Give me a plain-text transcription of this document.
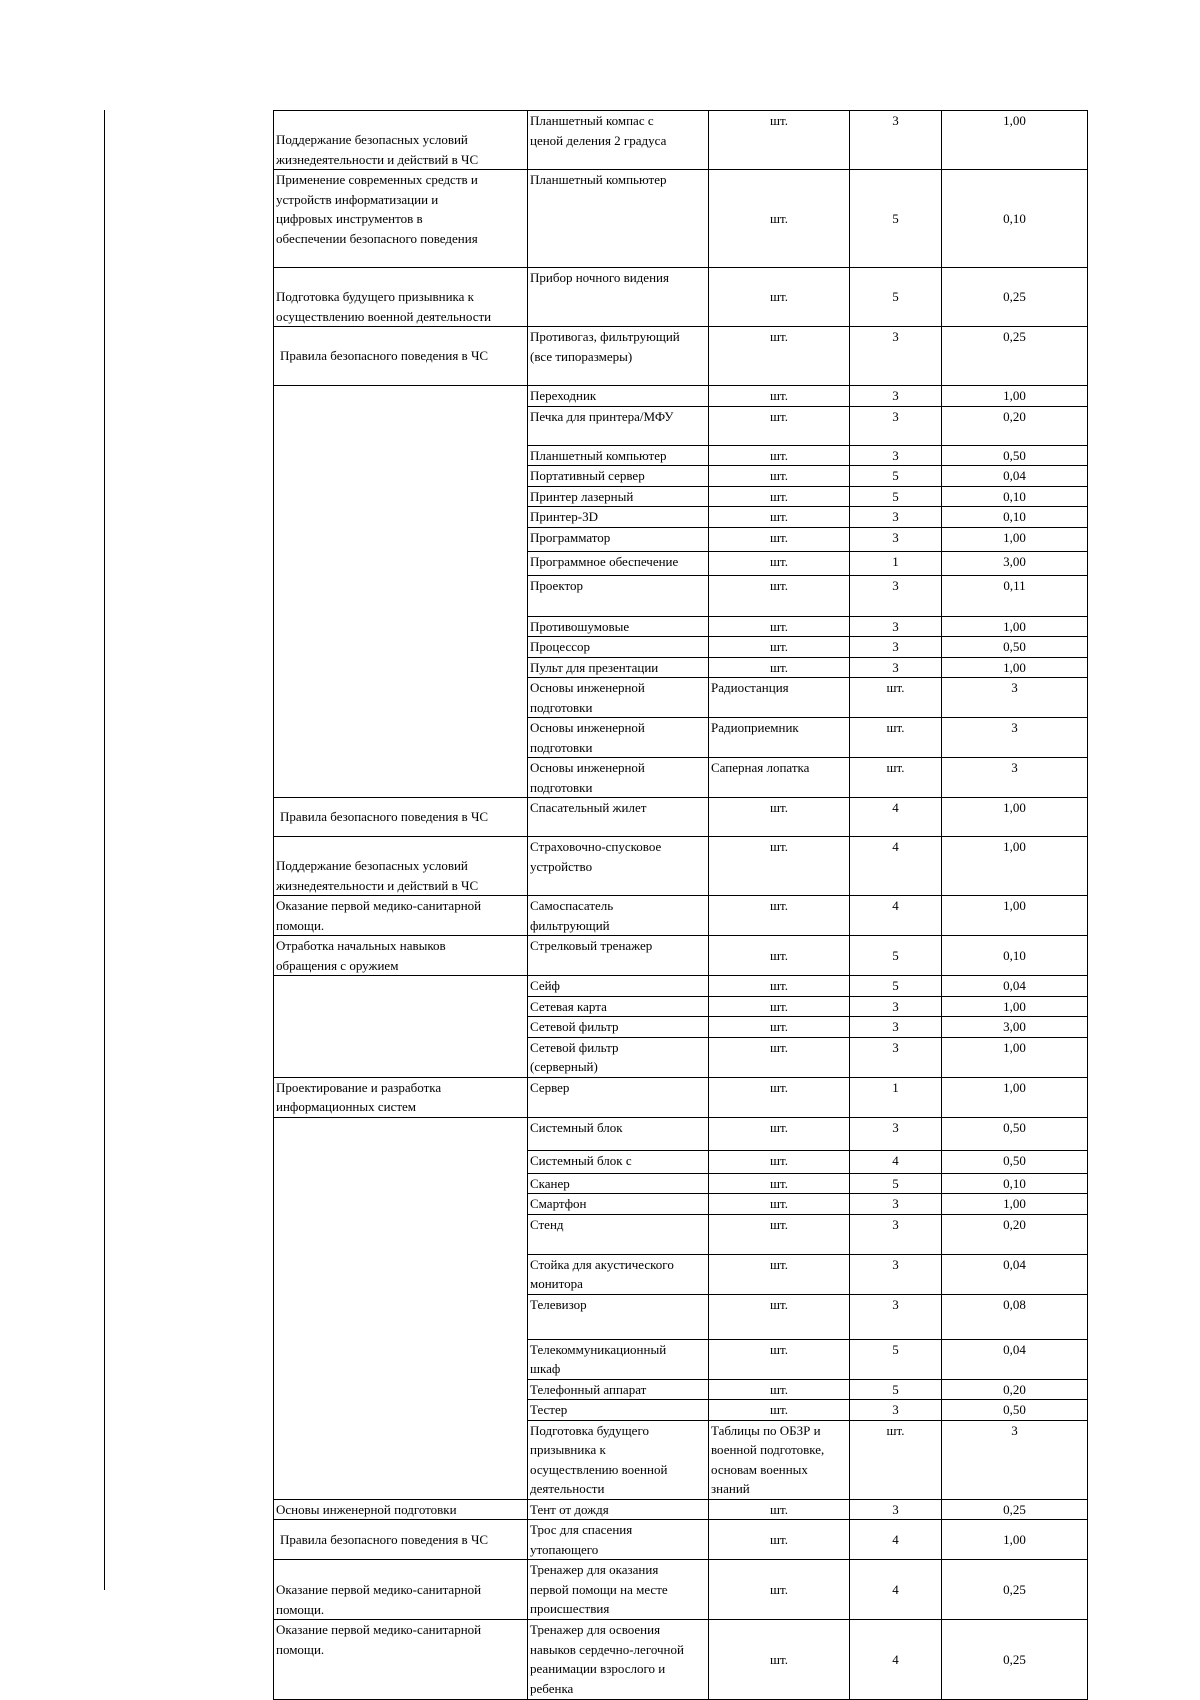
Поддержание безопасных условий
жизнедеятельности и действий в ЧС	Планшетный компас с
ценой деления 2 градуса	шт.	3	1,00	

Применение современных средств и
устройств информатизации и
цифровых инструментов в
обеспечении безопасного поведения	Планшетный компьютер	шт.	5	0,10	

Подготовка будущего призывника к
осуществлению военной деятельности	Прибор ночного видения	шт.	5	0,25	

Правила безопасного поведения в ЧС	Противогаз, фильтрующий
(все типоразмеры)	шт.	3	0,25	

	Переходник	шт.	3	1,00	

	Печка для принтера/МФУ	шт.	3	0,20	

	Планшетный компьютер	шт.	3	0,50	

	Портативный сервер	шт.	5	0,04	

	Принтер лазерный	шт.	5	0,10	

	Принтер-3D	шт.	3	0,10	

	Программатор	шт.	3	1,00	

	Программное обеспечение	шт.	1	3,00	

	Проектор	шт.	3	0,11	

	Противошумовые	шт.	3	1,00	

	Процессор	шт.	3	0,50	

	Пульт для презентации	шт.	3	1,00	

	Основы инженерной подготовки	Радиостанция	шт.	3

	Основы инженерной подготовки	Радиоприемник	шт.	3

	Основы инженерной подготовки	Саперная лопатка	шт.	3

Правила безопасного поведения в ЧС	Спасательный жилет	шт.	4	1,00	

Поддержание безопасных условий
жизнедеятельности и действий в ЧС	Страховочно-спусковое
устройство	шт.	4	1,00	

Оказание первой медико-санитарной
помощи.	Самоспасатель
фильтрующий	шт.	4	1,00	

Отработка начальных навыков
обращения с оружием	Стрелковый тренажер	шт.	5	0,10	

	Сейф	шт.	5	0,04	

	Сетевая карта	шт.	3	1,00	

	Сетевой фильтр	шт.	3	3,00	

	Сетевой фильтр
(серверный)	шт.	3	1,00	

Проектирование и разработка
информационных систем	Сервер	шт.	1	1,00	

	Системный блок	шт.	3	0,50	

	Системный блок с	шт.	4	0,50	

	Сканер	шт.	5	0,10	

	Смартфон	шт.	3	1,00	

	Стенд	шт.	3	0,20	

	Стойка для акустического
монитора	шт.	3	0,04	

	Телевизор	шт.	3	0,08	

	Телекоммуникационный
шкаф	шт.	5	0,04	

	Телефонный аппарат	шт.	5	0,20	

	Тестер	шт.	3	0,50	

	Подготовка будущего призывника к
осуществлению военной деятельности	Таблицы по ОБЗР и
военной подготовке,
основам военных знаний	шт.	3

Основы инженерной подготовки	Тент от дождя	шт.	3	0,25	

Правила безопасного поведения в ЧС	Трос для спасения
утопающего	шт.	4	1,00	

Оказание первой медико-санитарной
помощи.	Тренажер для оказания
первой помощи на месте
происшествия	шт.	4	0,25	

Оказание первой медико-санитарной
помощи.	Тренажер для освоения
навыков сердечно-легочной
реанимации взрослого и
ребенка	шт.	4	0,25	
